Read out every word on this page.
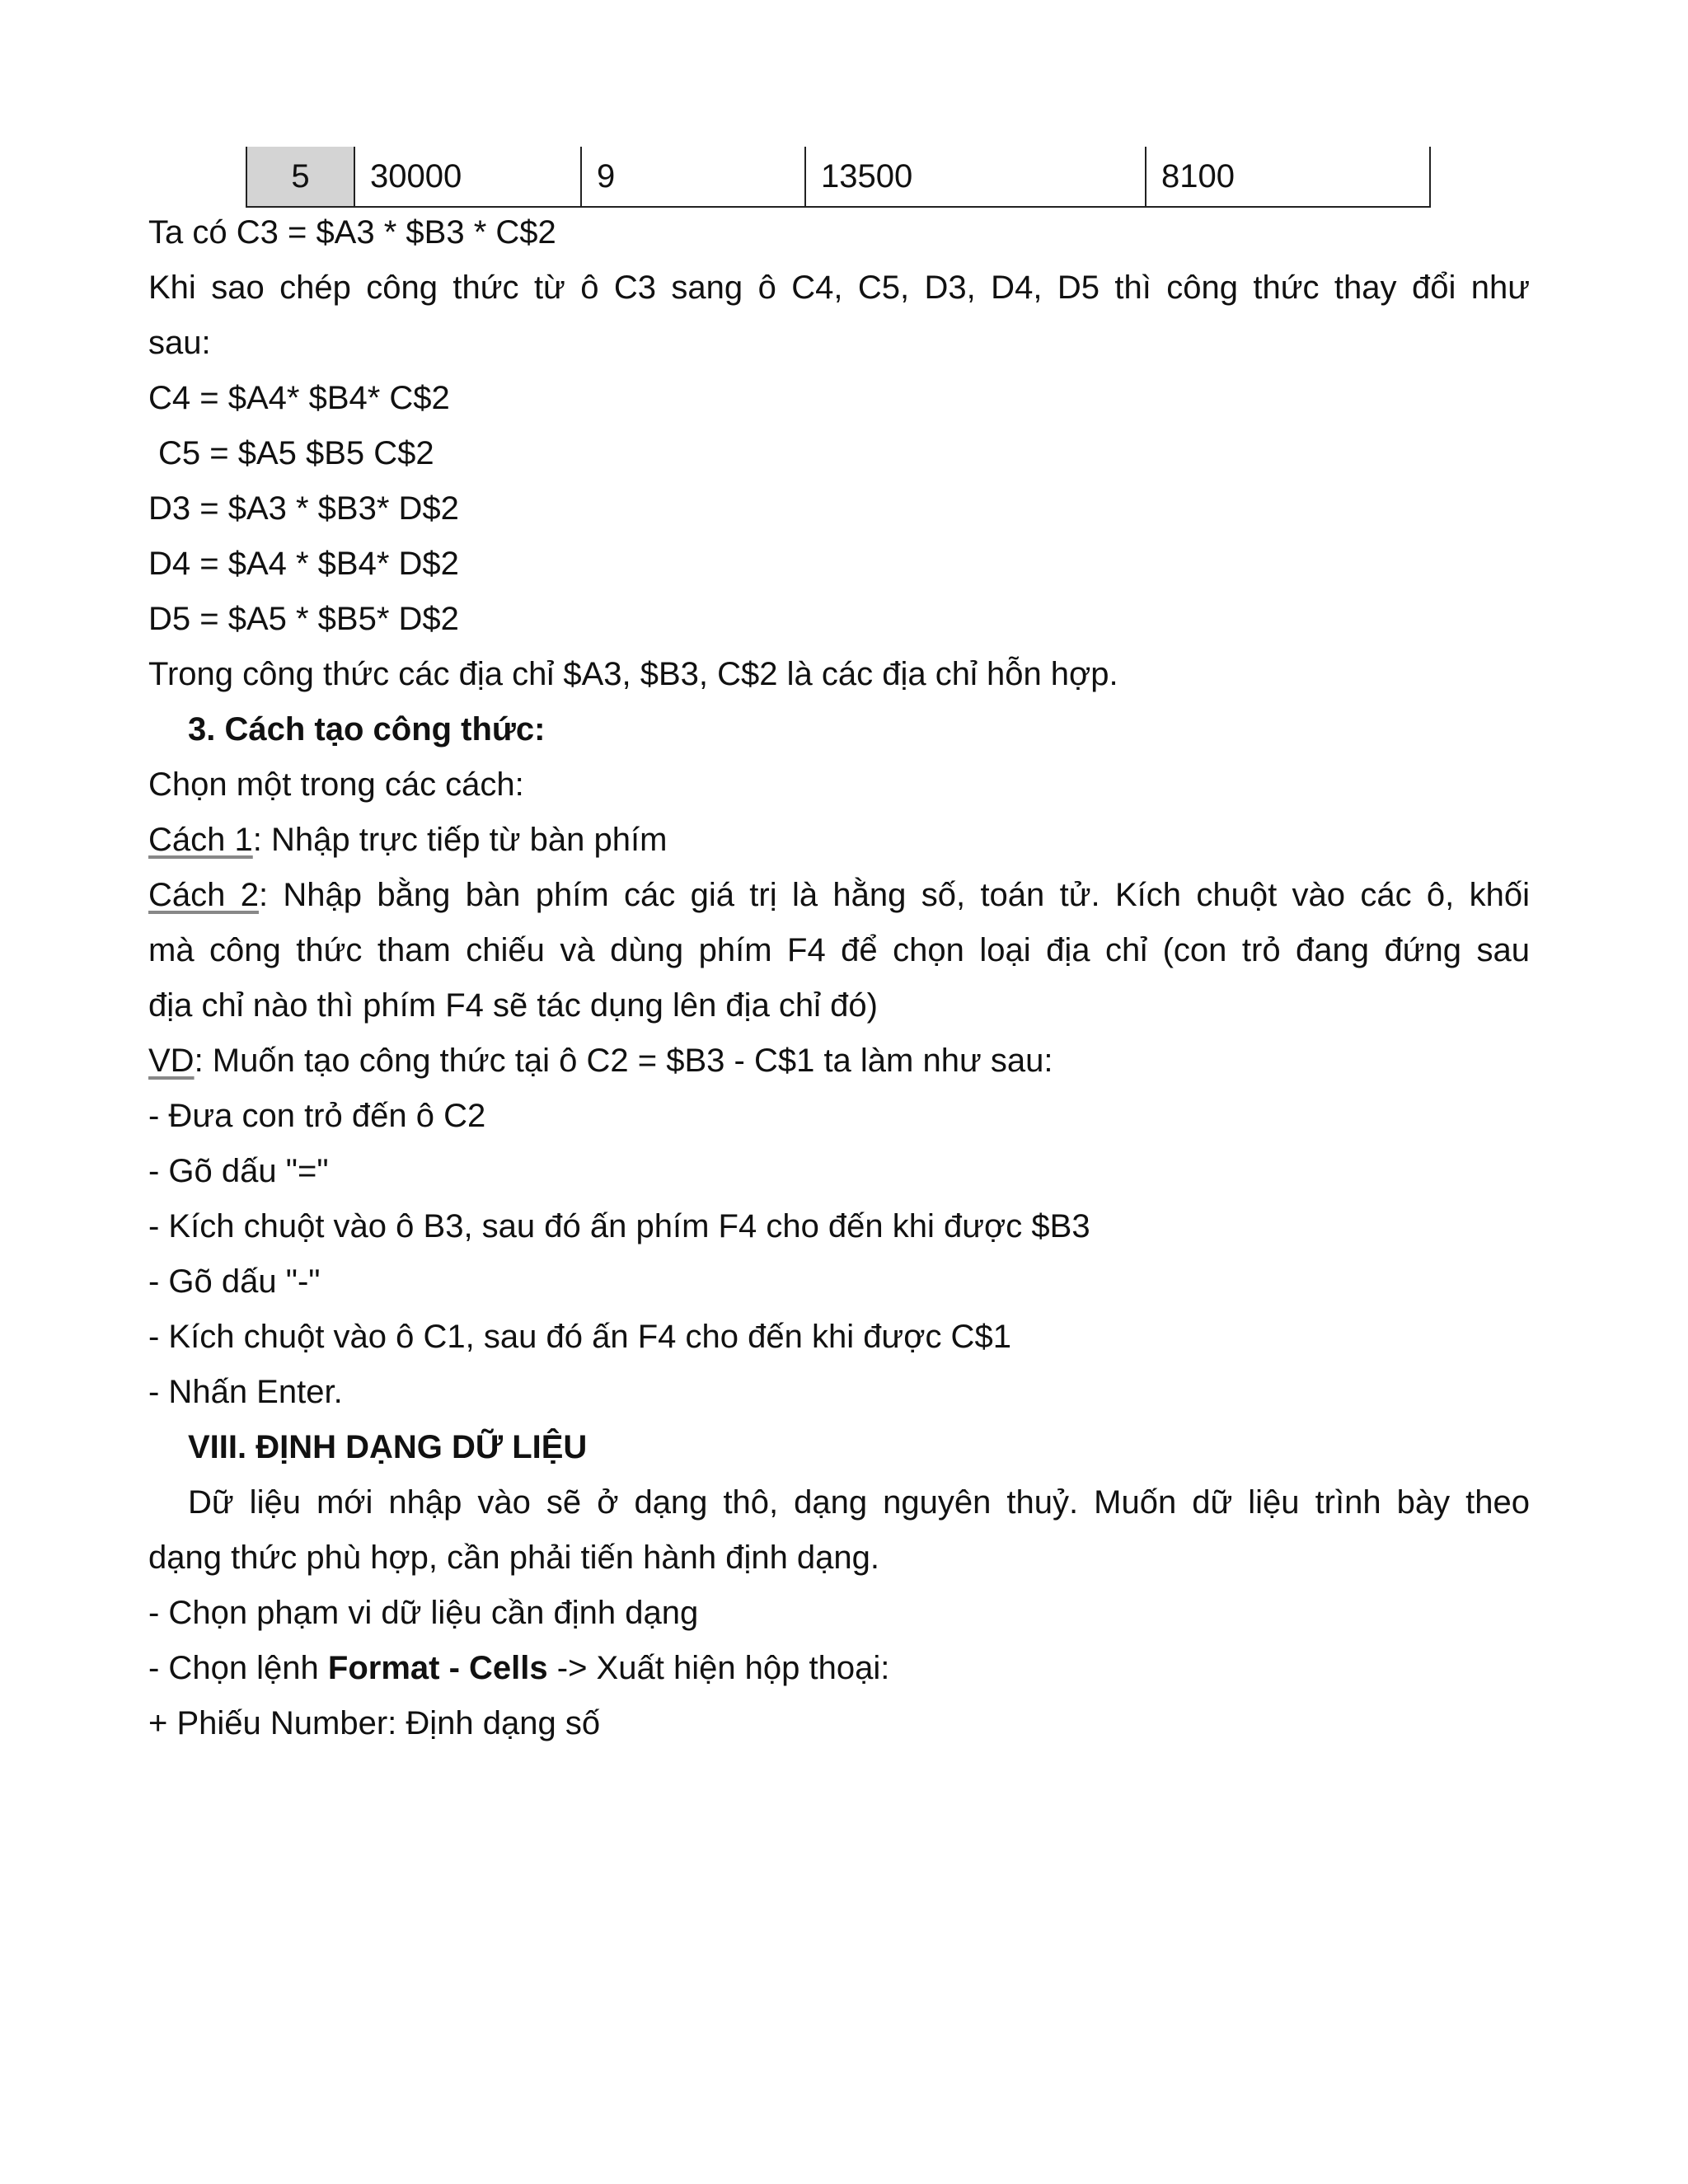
5	30000	9	13500	8100
Ta có C3 = $A3 * $B3 * C$2
Khi sao chép công thức từ ô C3 sang ô C4, C5, D3, D4, D5 thì công thức thay đổi như
sau:
C4 = $A4* $B4* C$2
C5 = $A5 $B5 C$2
D3 = $A3 * $B3* D$2
D4 = $A4 * $B4* D$2
D5 = $A5 * $B5* D$2
Trong công thức các địa chỉ $A3, $B3, C$2 là các địa chỉ hỗn hợp.
3. Cách tạo công thức:
Chọn một trong các cách:
Cách 1: Nhập trực tiếp từ bàn phím
Cách 2: Nhập bằng bàn phím các giá trị là hằng số, toán tử. Kích chuột vào các ô, khối
mà công thức tham chiếu và dùng phím F4 để chọn loại địa chỉ (con trỏ đang đứng sau
địa chỉ nào thì phím F4 sẽ tác dụng lên địa chỉ đó)
VD: Muốn tạo công thức tại ô C2 = $B3 - C$1 ta làm như sau:
- Đưa con trỏ đến ô C2
- Gõ dấu "="
- Kích chuột vào ô B3, sau đó ấn phím F4 cho đến khi được $B3
- Gõ dấu "-"
- Kích chuột vào ô C1, sau đó ấn F4 cho đến khi được C$1
- Nhấn Enter.
VIII. ĐỊNH DẠNG DỮ LIỆU
Dữ liệu mới nhập vào sẽ ở dạng thô, dạng nguyên thuỷ. Muốn dữ liệu trình bày theo
dạng thức phù hợp, cần phải tiến hành định dạng.
- Chọn phạm vi dữ liệu cần định dạng
- Chọn lệnh Format - Cells -> Xuất hiện hộp thoại:
+ Phiếu Number: Định dạng số
